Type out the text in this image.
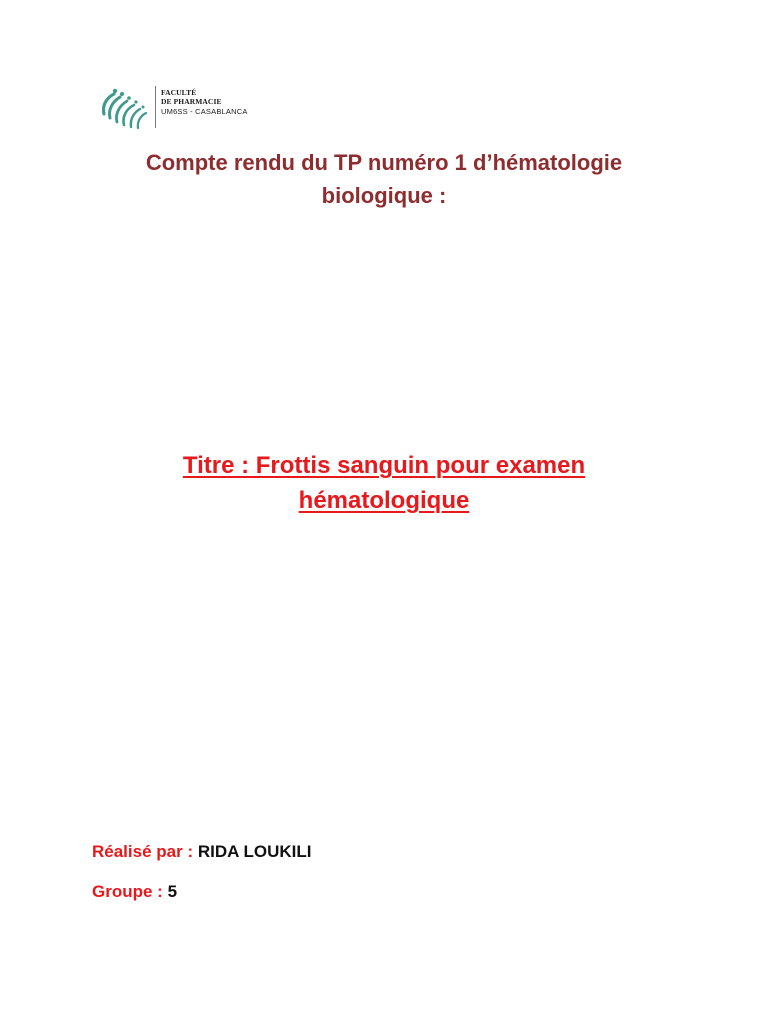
FACULTÉ
DE PHARMACIE
UM6SS - CASABLANCA
Compte rendu du TP numéro 1 d’hématologie
biologique :
Titre : Frottis sanguin pour examen
hématologique
Réalisé par : RIDA LOUKILI
Groupe : 5
